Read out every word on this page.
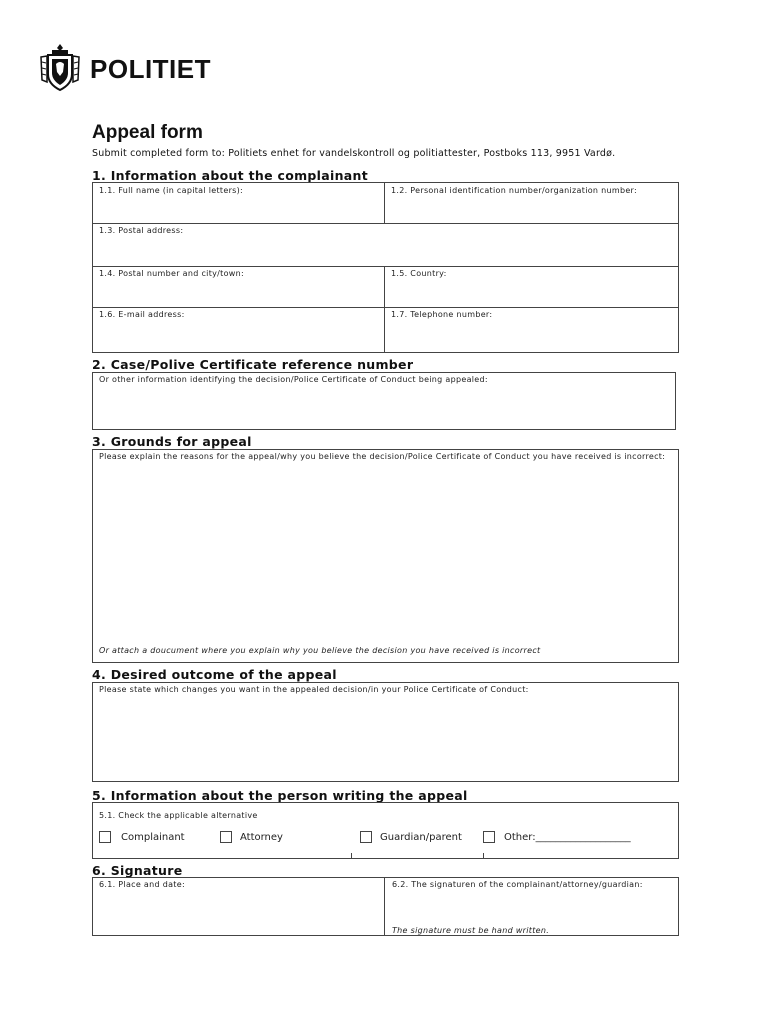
POLITIET
Appeal form
Submit completed form to: Politiets enhet for vandelskontroll og politiattester, Postboks 113, 9951 Vardø.
1. Information about the complainant
1.1. Full name (in capital letters):	1.2. Personal identification number/organization number:
1.3. Postal address:
1.4. Postal number and city/town:	1.5. Country:
1.6. E-mail address:	1.7. Telephone number:
2. Case/Polive Certificate reference number
Or other information identifying the decision/Police Certificate of Conduct being appealed:
3. Grounds for appeal
Please explain the reasons for the appeal/why you believe the decision/Police Certificate of Conduct you have received is incorrect:
Or attach a doucument where you explain why you believe the decision you have received is incorrect
4. Desired outcome of the appeal
Please state which changes you want in the appealed decision/in your Police Certificate of Conduct:
5. Information about the person writing the appeal
5.1. Check the applicable alternative
Complainant	Attorney	Guardian/parent	Other:___________________
6. Signature
6.1. Place and date:	6.2. The signaturen of the complainant/attorney/guardian:
The signature must be hand written.
